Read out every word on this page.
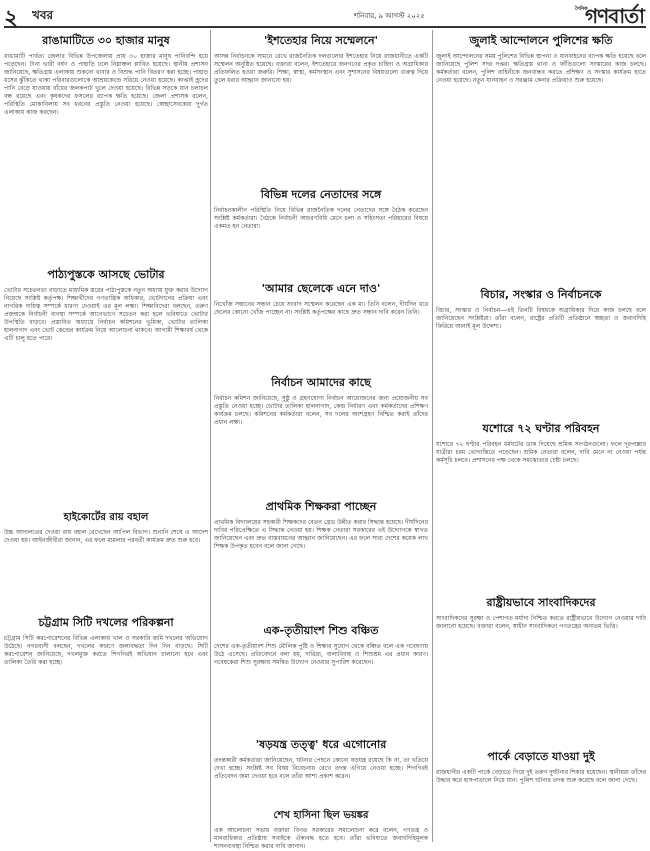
২ খবর	শনিবার, ৯ আগস্ট ২০২৫
দৈনিক
গণবার্তা
রাঙামাটিতে ৩০ হাজার মানুষ

রাঙামাটি পার্বত্য জেলার বিভিন্ন উপজেলায় প্রায় ৩০ হাজার মানুষ পানিবন্দি হয়ে পড়েছেন। টানা ভারী বর্ষণ ও পাহাড়ি ঢলে নিম্নাঞ্চল প্লাবিত হয়েছে। স্থানীয় প্রশাসন জানিয়েছে, ক্ষতিগ্রস্ত এলাকায় শুকনো খাবার ও বিশুদ্ধ পানি বিতরণ করা হচ্ছে। পাহাড় ধসের ঝুঁকিতে থাকা পরিবারগুলোকে আশ্রয়কেন্দ্রে সরিয়ে নেওয়া হয়েছে। কাপ্তাই হ্রদের পানি বেড়ে যাওয়ায় বাঁধের জলকপাট খুলে দেওয়া হয়েছে। বিভিন্ন সড়কে যান চলাচল বন্ধ রয়েছে এবং কৃষকদের ফসলের ব্যাপক ক্ষতি হয়েছে। জেলা প্রশাসক বলেন, পরিস্থিতি মোকাবিলায় সব ধরনের প্রস্তুতি নেওয়া হয়েছে। স্বেচ্ছাসেবকেরা দুর্গত এলাকায় কাজ করছেন।

পাঠ্যপুস্তকে আসছে ভোটার

ভোটার সচেতনতা বাড়াতে মাধ্যমিক স্তরের পাঠ্যপুস্তকে নতুন অধ্যায় যুক্ত করার উদ্যোগ নিয়েছে সংশ্লিষ্ট কর্তৃপক্ষ। শিক্ষার্থীদের গণতান্ত্রিক অধিকার, ভোটদানের প্রক্রিয়া এবং নাগরিক দায়িত্ব সম্পর্কে ধারণা দেওয়াই এর মূল লক্ষ্য। শিক্ষাবিদেরা বলছেন, তরুণ প্রজন্মকে নির্বাচনী ব্যবস্থা সম্পর্কে আগেভাগে সচেতন করা হলে ভবিষ্যতে ভোটার উপস্থিতি বাড়বে। প্রস্তাবিত অধ্যায়ে নির্বাচন কমিশনের ভূমিকা, ভোটার তালিকা হালনাগাদ এবং ভোট কেন্দ্রের কার্যক্রম নিয়ে আলোচনা থাকবে। আগামী শিক্ষাবর্ষ থেকে এটি চালু হতে পারে।

হাইকোর্টের রায় বহাল

উচ্চ আদালতের দেওয়া রায় বহাল রেখেছেন আপিল বিভাগ। শুনানি শেষে এ আদেশ দেওয়া হয়। আইনজীবীরা জানান, এর ফলে মামলার পরবর্তী কার্যক্রম দ্রুত শুরু হবে।

চট্টগ্রাম সিটি দখলের পরিকল্পনা

চট্টগ্রাম সিটি করপোরেশনের বিভিন্ন এলাকায় খাল ও সরকারি জমি দখলের অভিযোগ উঠেছে। নগরবাসী বলছেন, দখলের কারণে জলাবদ্ধতা দিন দিন বাড়ছে। সিটি করপোরেশন জানিয়েছে, দখলমুক্ত করতে শিগগিরই অভিযান চালানো হবে এবং তালিকা তৈরি করা হচ্ছে।

'ইশতেহার নিয়ে সম্মেলনে'

আসন্ন নির্বাচনকে সামনে রেখে রাজনৈতিক দলগুলোর ইশতেহার নিয়ে রাজধানীতে একটি সম্মেলন অনুষ্ঠিত হয়েছে। বক্তারা বলেন, ইশতেহারে জনগণের প্রকৃত চাহিদা ও অগ্রাধিকার প্রতিফলিত হওয়া জরুরি। শিক্ষা, স্বাস্থ্য, কর্মসংস্থান এবং সুশাসনের বিষয়গুলো গুরুত্ব দিয়ে তুলে ধরার আহ্বান জানানো হয়।

বিভিন্ন দলের নেতাদের সঙ্গে

নির্বাচনকালীন পরিস্থিতি নিয়ে বিভিন্ন রাজনৈতিক দলের নেতাদের সঙ্গে বৈঠক করেছেন সংশ্লিষ্ট কর্মকর্তারা। বৈঠকে নির্বাচনী আচরণবিধি মেনে চলা ও সহিংসতা পরিহারের বিষয়ে একমত হন নেতারা।

'আমার ছেলেকে এনে দাও'

নিখোঁজ সন্তানের সন্ধান চেয়ে সংবাদ সম্মেলন করেছেন এক মা। তিনি বলেন, দীর্ঘদিন ধরে ছেলের কোনো খোঁজ পাচ্ছেন না। সংশ্লিষ্ট কর্তৃপক্ষের কাছে দ্রুত সন্ধান দাবি করেন তিনি।

নির্বাচন আমাদের কাছে

নির্বাচন কমিশন জানিয়েছে, সুষ্ঠু ও গ্রহণযোগ্য নির্বাচন আয়োজনের জন্য প্রয়োজনীয় সব প্রস্তুতি নেওয়া হচ্ছে। ভোটার তালিকা হালনাগাদ, কেন্দ্র নির্ধারণ এবং কর্মকর্তাদের প্রশিক্ষণ কার্যক্রম চলছে। কমিশনের কর্মকর্তারা বলেন, সব দলের অংশগ্রহণ নিশ্চিত করাই তাঁদের প্রধান লক্ষ্য।

প্রাথমিক শিক্ষকরা পাচ্ছেন

প্রাথমিক বিদ্যালয়ের সহকারী শিক্ষকদের বেতন গ্রেড উন্নীত করার সিদ্ধান্ত হয়েছে। দীর্ঘদিনের দাবির পরিপ্রেক্ষিতে এ সিদ্ধান্ত নেওয়া হয়। শিক্ষক নেতারা সরকারের এই উদ্যোগকে স্বাগত জানিয়েছেন এবং দ্রুত বাস্তবায়নের আহ্বান জানিয়েছেন। এর ফলে সারা দেশের কয়েক লাখ শিক্ষক উপকৃত হবেন বলে জানা গেছে।

এক-তৃতীয়াংশ শিশু বঞ্চিত

দেশের এক-তৃতীয়াংশ শিশু মৌলিক পুষ্টি ও শিক্ষার সুযোগ থেকে বঞ্চিত বলে এক গবেষণায় উঠে এসেছে। প্রতিবেদনে বলা হয়, দারিদ্র্য, বাল্যবিবাহ ও শিশুশ্রম এর প্রধান কারণ। গবেষকেরা শিশু সুরক্ষায় সমন্বিত উদ্যোগ নেওয়ার সুপারিশ করেছেন।

'ষড়যন্ত্র তত্ত্ব' ধরে এগোনোর

তদন্তকারী কর্মকর্তারা জানিয়েছেন, ঘটনার পেছনে কোনো ষড়যন্ত্র রয়েছে কি না, তা খতিয়ে দেখা হচ্ছে। সংশ্লিষ্ট সব বিষয় বিবেচনায় রেখে তদন্ত এগিয়ে নেওয়া হচ্ছে। শিগগিরই প্রতিবেদন জমা দেওয়া হবে বলে তাঁরা আশা প্রকাশ করেন।

জুলাই আন্দোলনে পুলিশের ক্ষতি

জুলাই আন্দোলনের সময় পুলিশের বিভিন্ন স্থাপনা ও যানবাহনের ব্যাপক ক্ষতি হয়েছে বলে জানিয়েছে পুলিশ সদর দপ্তর। ক্ষতিগ্রস্ত থানা ও ফাঁড়িগুলো সংস্কারের কাজ চলছে। কর্মকর্তারা বলেন, পুলিশ বাহিনীকে জনবান্ধব করতে প্রশিক্ষণ ও সংস্কার কার্যক্রম হাতে নেওয়া হয়েছে। নতুন যানবাহন ও সরঞ্জাম কেনার প্রক্রিয়াও শুরু হয়েছে।

বিচার, সংস্কার ও নির্বাচনকে

বিচার, সংস্কার ও নির্বাচন—এই তিনটি বিষয়কে অগ্রাধিকার দিয়ে কাজ চলছে বলে জানিয়েছেন সংশ্লিষ্টরা। তাঁরা বলেন, রাষ্ট্রের প্রতিটি প্রতিষ্ঠানে স্বচ্ছতা ও জবাবদিহি ফিরিয়ে আনাই মূল উদ্দেশ্য।

যশোরে ৭২ ঘণ্টার পরিবহন

যশোরে ৭২ ঘণ্টার পরিবহন ধর্মঘটের ডাক দিয়েছে শ্রমিক সংগঠনগুলো। ফলে দূরপাল্লার যাত্রীরা চরম ভোগান্তিতে পড়েছেন। শ্রমিক নেতারা বলেন, দাবি মেনে না নেওয়া পর্যন্ত কর্মসূচি চলবে। প্রশাসনের পক্ষ থেকে সমঝোতার চেষ্টা চলছে।

রাষ্ট্রীয়ভাবে সাংবাদিকদের

সাংবাদিকদের সুরক্ষা ও পেশাগত মর্যাদা নিশ্চিত করতে রাষ্ট্রীয়ভাবে উদ্যোগ নেওয়ার দাবি জানানো হয়েছে। বক্তারা বলেন, স্বাধীন সাংবাদিকতা গণতন্ত্রের অন্যতম ভিত্তি।

পার্কে বেড়াতে যাওয়া দুই

রাজধানীর একটি পার্কে বেড়াতে গিয়ে দুই তরুণ দুর্ঘটনার শিকার হয়েছেন। স্থানীয়রা তাঁদের উদ্ধার করে হাসপাতালে নিয়ে যান। পুলিশ ঘটনার তদন্ত শুরু করেছে বলে জানা গেছে।

শেখ হাসিনা ছিল ভয়ঙ্কর

এক আলোচনা সভায় বক্তারা বিগত সরকারের সমালোচনা করে বলেন, গণতন্ত্র ও মানবাধিকার প্রতিষ্ঠায় সবাইকে ঐক্যবদ্ধ হতে হবে। তাঁরা ভবিষ্যতে জবাবদিহিমূলক শাসনব্যবস্থা নিশ্চিত করার দাবি জানান।
